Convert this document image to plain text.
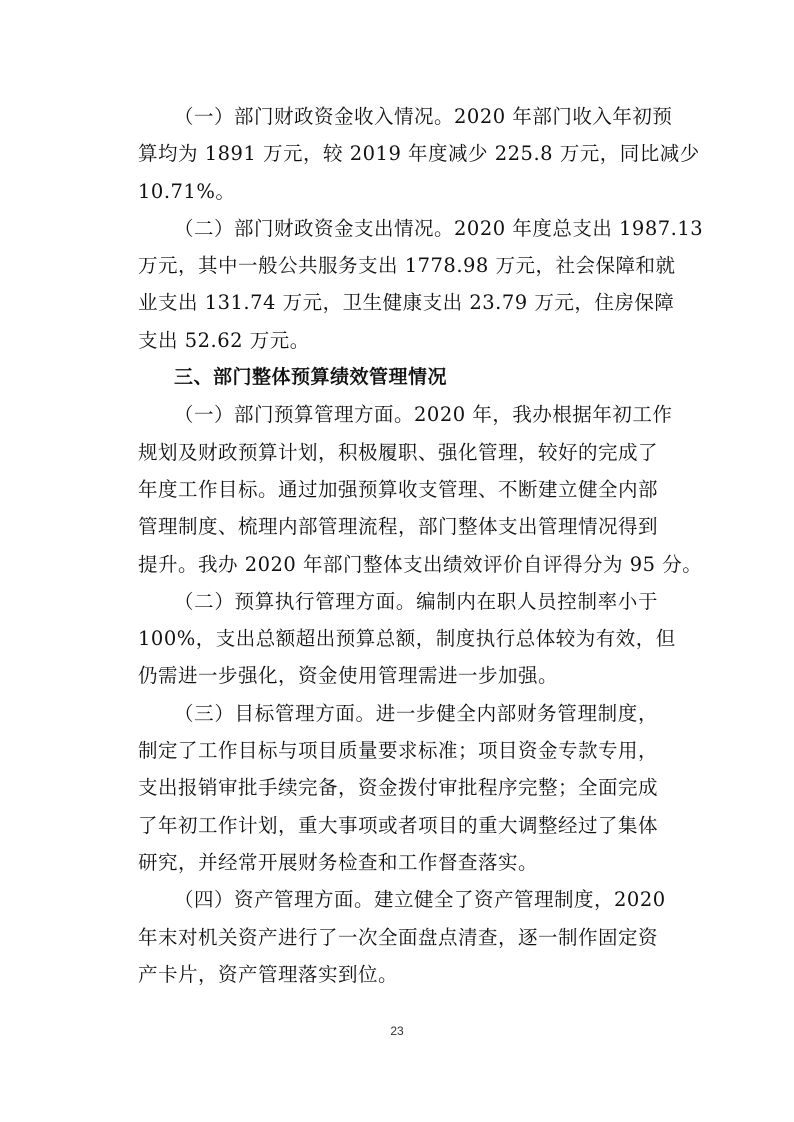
（一）部门财政资金收入情况。2020 年部门收入年初预
算均为 1891 万元，较 2019 年度减少 225.8 万元，同比减少
10.71%。
（二）部门财政资金支出情况。2020 年度总支出 1987.13
万元，其中一般公共服务支出 1778.98 万元，社会保障和就
业支出 131.74 万元，卫生健康支出 23.79 万元，住房保障
支出 52.62 万元。
三、部门整体预算绩效管理情况
（一）部门预算管理方面。2020 年，我办根据年初工作
规划及财政预算计划，积极履职、强化管理，较好的完成了
年度工作目标。通过加强预算收支管理、不断建立健全内部
管理制度、梳理内部管理流程，部门整体支出管理情况得到
提升。我办 2020 年部门整体支出绩效评价自评得分为 95 分。
（二）预算执行管理方面。编制内在职人员控制率小于
100%，支出总额超出预算总额，制度执行总体较为有效，但
仍需进一步强化，资金使用管理需进一步加强。
（三）目标管理方面。进一步健全内部财务管理制度，
制定了工作目标与项目质量要求标准；项目资金专款专用，
支出报销审批手续完备，资金拨付审批程序完整；全面完成
了年初工作计划，重大事项或者项目的重大调整经过了集体
研究，并经常开展财务检查和工作督查落实。
（四）资产管理方面。建立健全了资产管理制度，2020
年末对机关资产进行了一次全面盘点清查，逐一制作固定资
产卡片，资产管理落实到位。
23
